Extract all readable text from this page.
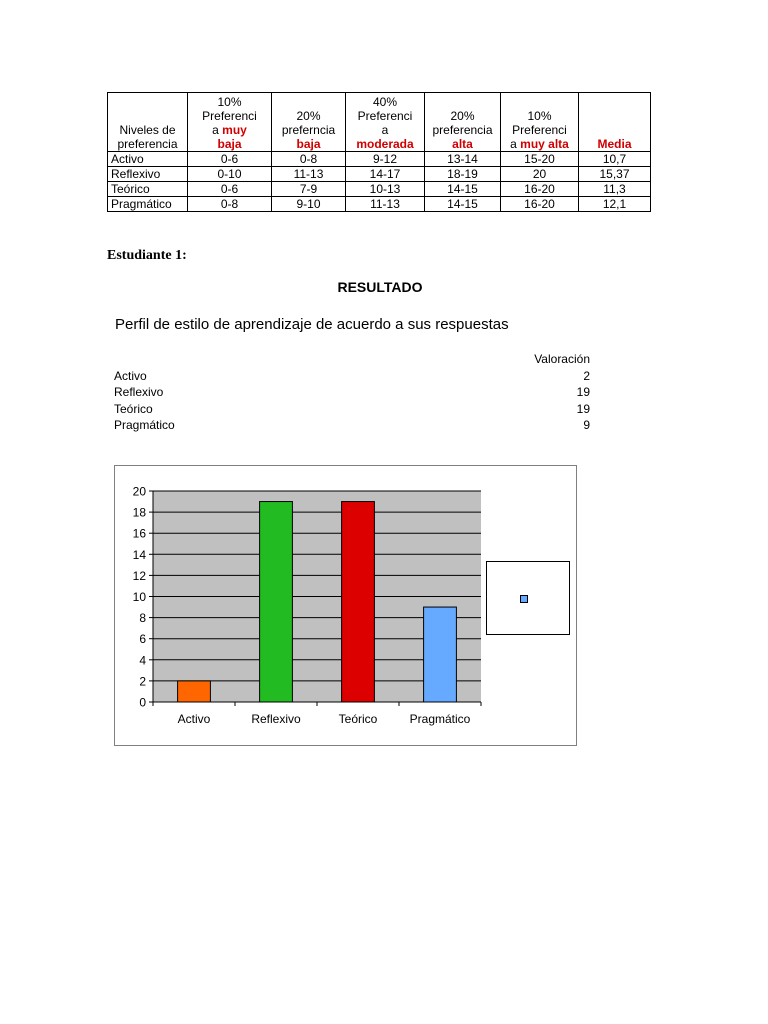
Niveles de
preferencia	10%
Preferenci
a muy
baja	20%
preferncia
baja	40%
Preferenci
a
moderada	20%
preferencia
alta	10%
Preferenci
a muy alta	Media

Activo	0-6	0-8	9-12	13-14	15-20	10,7
Reflexivo	0-10	11-13	14-17	18-19	20	15,37
Teórico	0-6	7-9	10-13	14-15	16-20	11,3
Pragmático	0-8	9-10	11-13	14-15	16-20	12,1
Estudiante 1:
RESULTADO
Perfil de estilo de aprendizaje de acuerdo a sus respuestas
Valoración
Activo	2
Reflexivo	19
Teórico	19
Pragmático	9
0
2
4
6
8
10
12
14
16
18
20
Activo	Reflexivo	Teórico	Pragmático
